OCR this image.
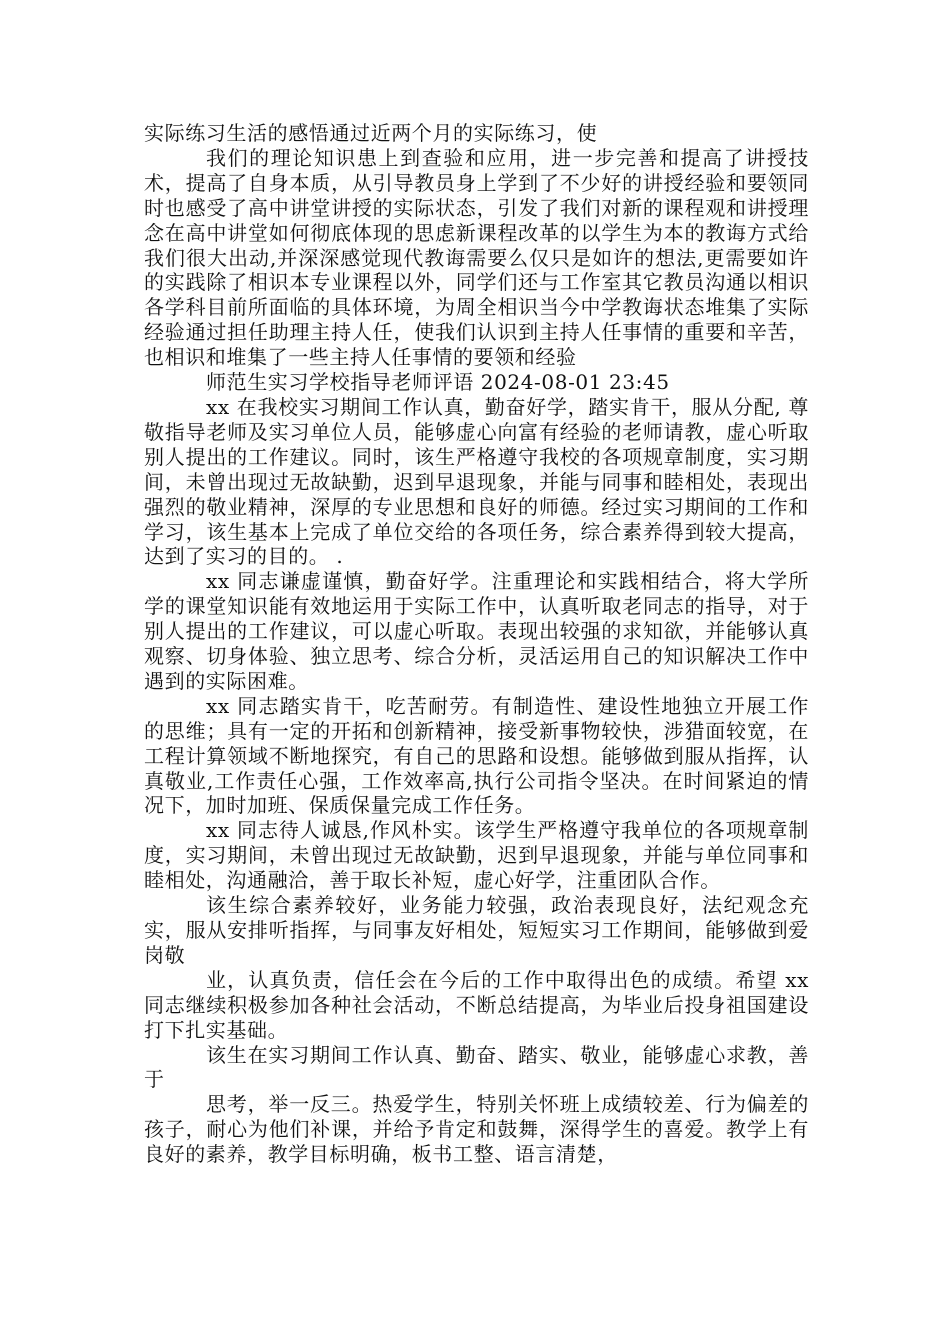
实际练习生活的感悟通过近两个月的实际练习，使

我们的理论知识患上到查验和应用，进一步完善和提高了讲授技术，提高了自身本质，从引导教员身上学到了不少好的讲授经验和要领同时也感受了高中讲堂讲授的实际状态，引发了我们对新的课程观和讲授理念在高中讲堂如何彻底体现的思虑新课程改革的以学生为本的教诲方式给我们很大出动,并深深感觉现代教诲需要么仅只是如许的想法,更需要如许的实践除了相识本专业课程以外，同学们还与工作室其它教员沟通以相识各学科目前所面临的具体环境，为周全相识当今中学教诲状态堆集了实际经验通过担任助理主持人任，使我们认识到主持人任事情的重要和辛苦，也相识和堆集了一些主持人任事情的要领和经验

师范生实习学校指导老师评语 2024-08-01 23:45

xx 在我校实习期间工作认真，勤奋好学，踏实肯干，服从分配, 尊敬指导老师及实习单位人员，能够虚心向富有经验的老师请教，虚心听取别人提出的工作建议。同时，该生严格遵守我校的各项规章制度，实习期间，未曾出现过无故缺勤，迟到早退现象，并能与同事和睦相处，表现出强烈的敬业精神，深厚的专业思想和良好的师德。经过实习期间的工作和学习，该生基本上完成了单位交给的各项任务，综合素养得到较大提高，达到了实习的目的。 .

xx 同志谦虚谨慎，勤奋好学。注重理论和实践相结合，将大学所学的课堂知识能有效地运用于实际工作中，认真听取老同志的指导，对于别人提出的工作建议，可以虚心听取。表现出较强的求知欲，并能够认真观察、切身体验、独立思考、综合分析，灵活运用自己的知识解决工作中遇到的实际困难。

xx 同志踏实肯干，吃苦耐劳。有制造性、建设性地独立开展工作的思维；具有一定的开拓和创新精神，接受新事物较快，涉猎面较宽，在工程计算领域不断地探究，有自己的思路和设想。能够做到服从指挥，认真敬业,工作责任心强，工作效率高,执行公司指令坚决。在时间紧迫的情况下，加时加班、保质保量完成工作任务。

xx 同志待人诚恳,作风朴实。该学生严格遵守我单位的各项规章制度，实习期间，未曾出现过无故缺勤，迟到早退现象，并能与单位同事和睦相处，沟通融洽，善于取长补短，虚心好学，注重团队合作。

该生综合素养较好，业务能力较强，政治表现良好，法纪观念充实，服从安排听指挥，与同事友好相处，短短实习工作期间，能够做到爱岗敬

业，认真负责，信任会在今后的工作中取得出色的成绩。希望 xx 同志继续积极参加各种社会活动，不断总结提高，为毕业后投身祖国建设打下扎实基础。

该生在实习期间工作认真、勤奋、踏实、敬业，能够虚心求教，善于

思考，举一反三。热爱学生，特别关怀班上成绩较差、行为偏差的孩子，耐心为他们补课，并给予肯定和鼓舞，深得学生的喜爱。教学上有良好的素养，教学目标明确，板书工整、语言清楚，
